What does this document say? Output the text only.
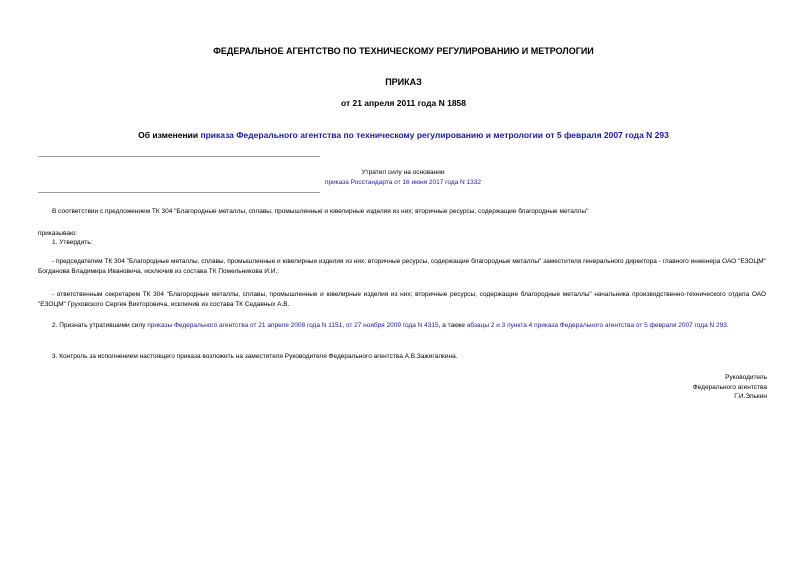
ФЕДЕРАЛЬНОЕ АГЕНТСТВО ПО ТЕХНИЧЕСКОМУ РЕГУЛИРОВАНИЮ И МЕТРОЛОГИИ
ПРИКАЗ
от 21 апреля 2011 года N 1858
Об изменении приказа Федерального агентства по техническому регулированию и метрологии от 5 февраля 2007 года N 293
Утратил силу на основании
приказа Росстандарта от 16 июня 2017 года N 1332
В соответствии с предложением ТК 304 "Благородные металлы, сплавы, промышленные и ювелирные изделия из них; вторичные ресурсы, содержащие благородные металлы"
приказываю:
1. Утвердить:
- председателем ТК 304 "Благородные металлы, сплавы, промышленные и ювелирные изделия из них; вторичные ресурсы, содержащие благородные металлы" заместителя генерального директора - главного инженера ОАО "ЕЗОЦМ" Богданова Владимира Ивановича, исключив из состава ТК Помельникова И.И.;
- ответственным секретарем ТК 304 "Благородные металлы, сплавы, промышленные и ювелирные изделия из них; вторичные ресурсы, содержащие благородные металлы" начальника производственно-технического отдела ОАО "ЕЗОЦМ" Груховского Сергея Викторовича, исключив из состава ТК Седавных А.В.
2. Признать утратившими силу приказы Федерального агентства от 21 апреля 2008 года N 1151, от 27 ноября 2009 года N 4315, а также абзацы 2 и 3 пункта 4 приказа Федерального агентства от 5 февраля 2007 года N 293.
3. Контроль за исполнением настоящего приказа возложить на заместителя Руководителя Федерального агентства А.В.Зажигалкина.
Руководитель
Федерального агентства
Г.И.Элькин
